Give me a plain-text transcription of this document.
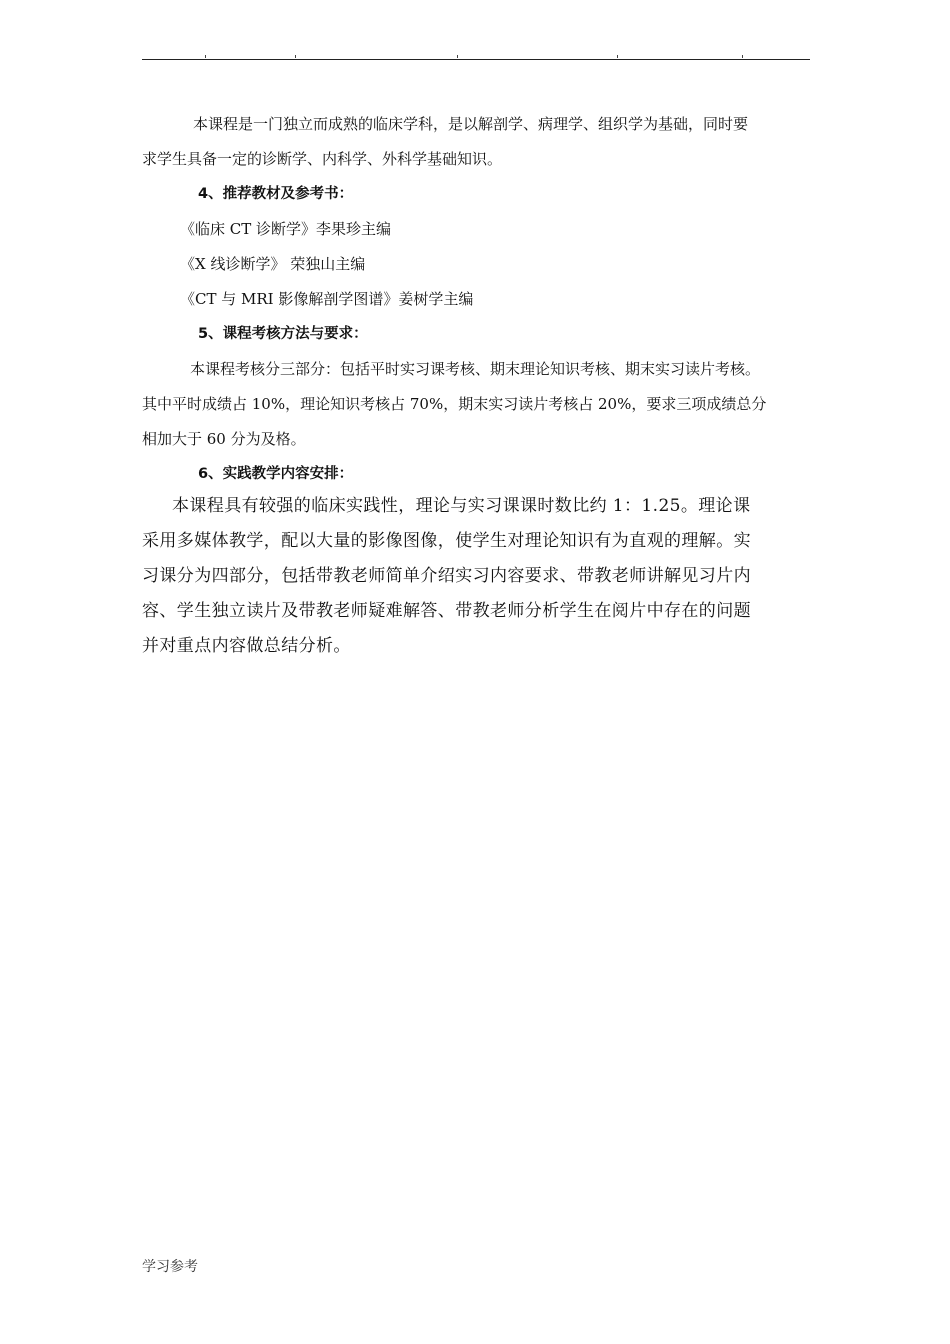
本课程是一门独立而成熟的临床学科，是以解剖学、病理学、组织学为基础，同时要
求学生具备一定的诊断学、内科学、外科学基础知识。
4、推荐教材及参考书：
《临床 CT 诊断学》李果珍主编
《X 线诊断学》 荣独山主编
《CT 与 MRI 影像解剖学图谱》姜树学主编
5、课程考核方法与要求：
本课程考核分三部分：包括平时实习课考核、期末理论知识考核、期末实习读片考核。
其中平时成绩占 10%，理论知识考核占 70%，期末实习读片考核占 20%，要求三项成绩总分
相加大于 60 分为及格。
6、实践教学内容安排：
本课程具有较强的临床实践性，理论与实习课课时数比约 1：1.25。理论课
采用多媒体教学，配以大量的影像图像，使学生对理论知识有为直观的理解。实
习课分为四部分，包括带教老师简单介绍实习内容要求、带教老师讲解见习片内
容、学生独立读片及带教老师疑难解答、带教老师分析学生在阅片中存在的问题
并对重点内容做总结分析。
学习参考
